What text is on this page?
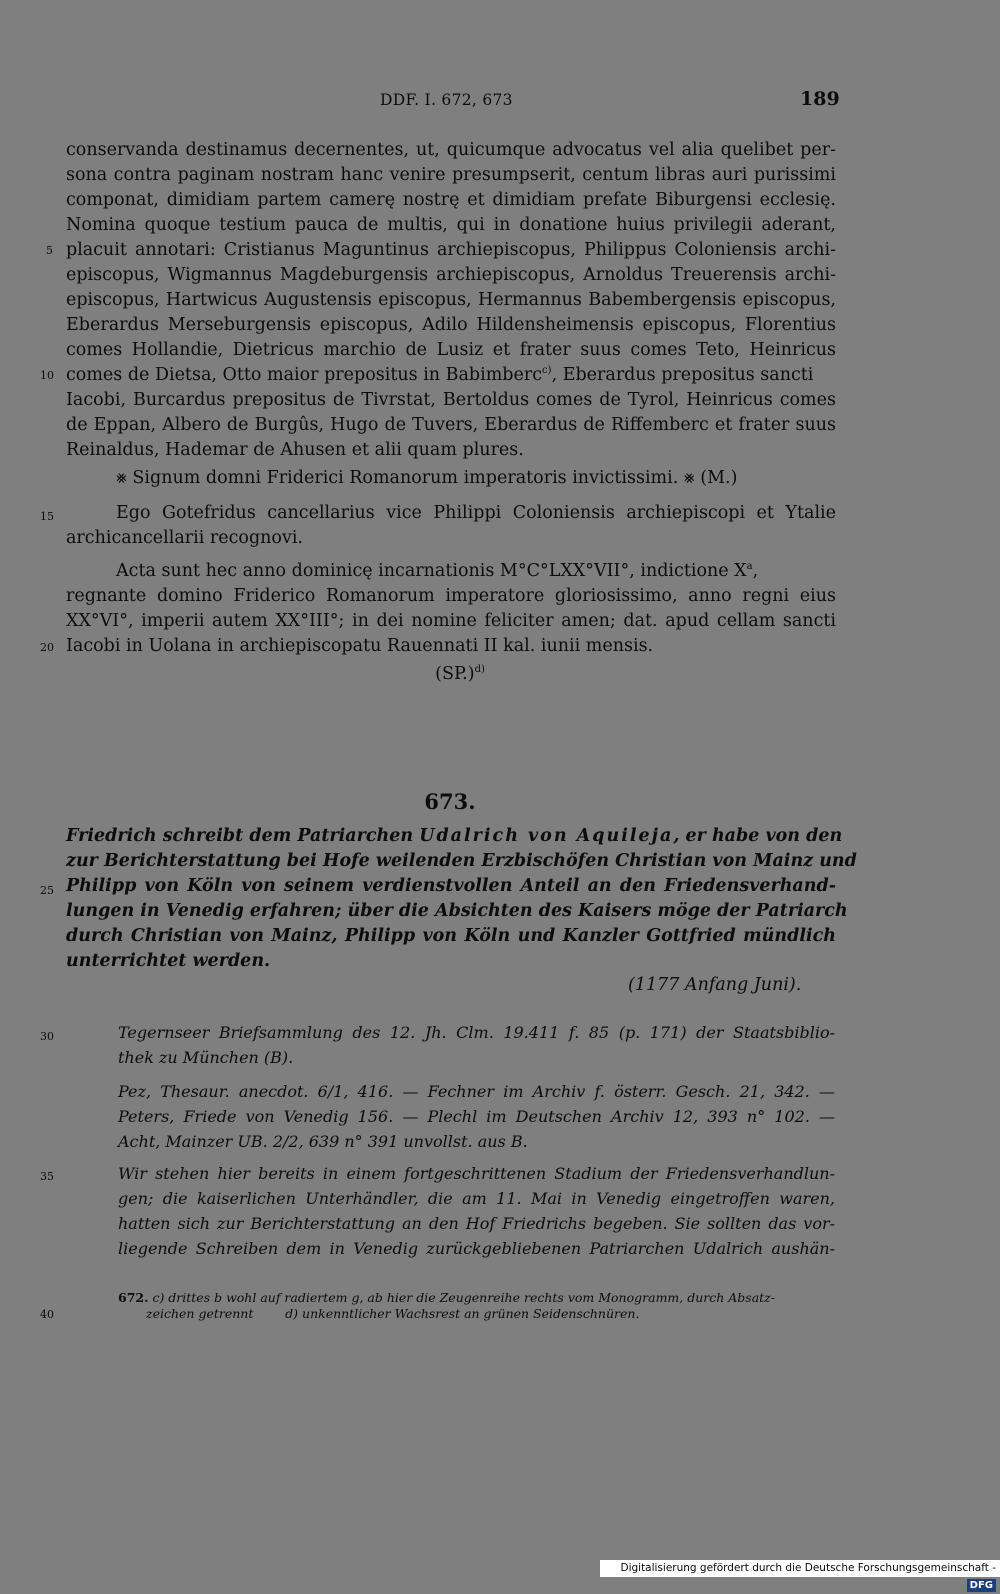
DDF. I. 672, 673	189
5
10
15
20
25
30
35
40
conservanda destinamus decernentes, ut, quicumque advocatus vel alia quelibet per-
sona contra paginam nostram hanc venire presumpserit, centum libras auri purissimi
componat, dimidiam partem camerę nostrę et dimidiam prefate Biburgensi ecclesię.
Nomina quoque testium pauca de multis, qui in donatione huius privilegii aderant,
placuit annotari: Cristianus Maguntinus archiepiscopus, Philippus Coloniensis archi-
episcopus, Wigmannus Magdeburgensis archiepiscopus, Arnoldus Treuerensis archi-
episcopus, Hartwicus Augustensis episcopus, Hermannus Babembergensis episcopus,
Eberardus Merseburgensis episcopus, Adilo Hildensheimensis episcopus, Florentius
comes Hollandie, Dietricus marchio de Lusiz et frater suus comes Teto, Heinricus
comes de Dietsa, Otto maior prepositus in Babimberc$^{c)}$, Eberardus prepositus sancti
Iacobi, Burcardus prepositus de Tivrstat, Bertoldus comes de Tyrol, Heinricus comes
de Eppan, Albero de Burgûs, Hugo de Tuvers, Eberardus de Riffemberc et frater suus
Reinaldus, Hademar de Ahusen et alii quam plures.
⨳ Signum domni Friderici Romanorum imperatoris invictissimi. ⨳ (M.)
Ego Gotefridus cancellarius vice Philippi Coloniensis archiepiscopi et Ytalie
archicancellarii recognovi.
Acta sunt hec anno dominicę incarnationis M°C°LXX°VII°, indictione $X^a$,
regnante domino Friderico Romanorum imperatore gloriosissimo, anno regni eius
XX°VI°, imperii autem XX°III°; in dei nomine feliciter amen; dat. apud cellam sancti
Iacobi in Uolana in archiepiscopatu Rauennati II kal. iunii mensis.
$(SP.)^{d)}$
673.
Friedrich schreibt dem Patriarchen Udalrich von Aquileja, er habe von den
zur Berichterstattung bei Hofe weilenden Erzbischöfen Christian von Mainz und
Philipp von Köln von seinem verdienstvollen Anteil an den Friedensverhand-
lungen in Venedig erfahren; über die Absichten des Kaisers möge der Patriarch
durch Christian von Mainz, Philipp von Köln und Kanzler Gottfried mündlich
unterrichtet werden.
(1177 Anfang Juni).
Tegernseer Briefsammlung des 12. Jh. Clm. 19.411 f. 85 (p. 171) der Staatsbiblio-
thek zu München (B).
Pez, Thesaur. anecdot. 6/1, 416. — Fechner im Archiv f. österr. Gesch. 21, 342. —
Peters, Friede von Venedig 156. — Plechl im Deutschen Archiv 12, 393 n° 102. —
Acht, Mainzer UB. 2/2, 639 n° 391 unvollst. aus B.
Wir stehen hier bereits in einem fortgeschrittenen Stadium der Friedensverhandlun-
gen; die kaiserlichen Unterhändler, die am 11. Mai in Venedig eingetroffen waren,
hatten sich zur Berichterstattung an den Hof Friedrichs begeben. Sie sollten das vor-
liegende Schreiben dem in Venedig zurückgebliebenen Patriarchen Udalrich aushän-
672. c) drittes b wohl auf radiertem g, ab hier die Zeugenreihe rechts vom Monogramm, durch Absatz-
zeichen getrennt        d) unkenntlicher Wachsrest an grünen Seidenschnüren.
Digitalisierung gefördert durch die Deutsche Forschungsgemeinschaft -DFG
